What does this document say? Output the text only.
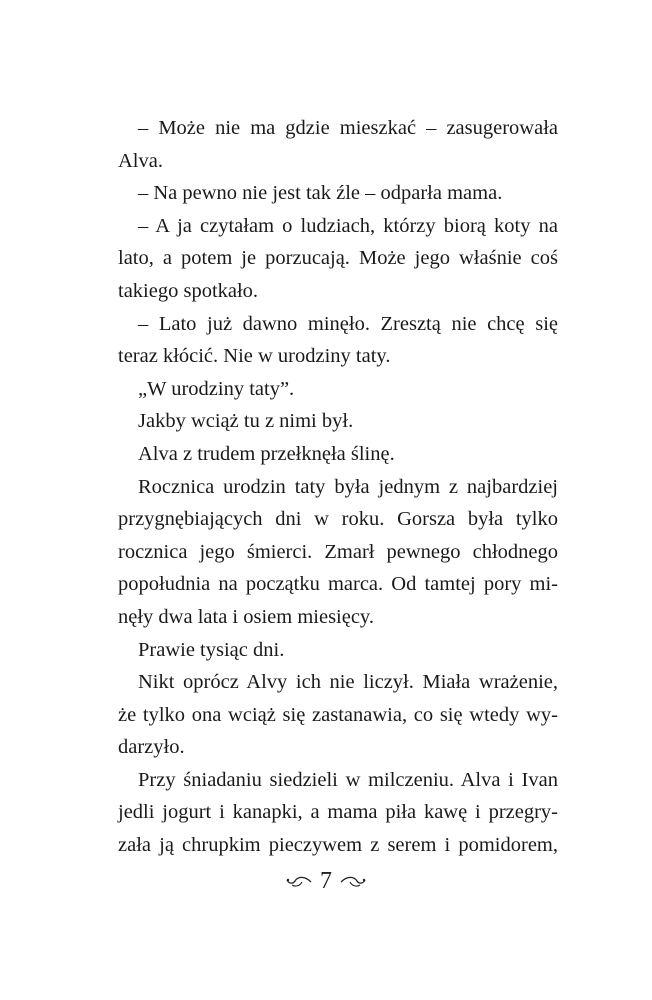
– Może nie ma gdzie mieszkać – zasugerowała
Alva.
– Na pewno nie jest tak źle – odparła mama.
– A ja czytałam o ludziach, którzy biorą koty na
lato, a potem je porzucają. Może jego właśnie coś
takiego spotkało.
– Lato już dawno minęło. Zresztą nie chcę się
teraz kłócić. Nie w urodziny taty.
„W urodziny taty”.
Jakby wciąż tu z nimi był.
Alva z trudem przełknęła ślinę.
Rocznica urodzin taty była jednym z najbardziej
przygnębiających dni w roku. Gorsza była tylko
rocznica jego śmierci. Zmarł pewnego chłodnego
popołudnia na początku marca. Od tamtej pory mi-
nęły dwa lata i osiem miesięcy.
Prawie tysiąc dni.
Nikt oprócz Alvy ich nie liczył. Miała wrażenie,
że tylko ona wciąż się zastanawia, co się wtedy wy-
darzyło.
Przy śniadaniu siedzieli w milczeniu. Alva i Ivan
jedli jogurt i kanapki, a mama piła kawę i przegry-
zała ją chrupkim pieczywem z serem i pomidorem,
7
